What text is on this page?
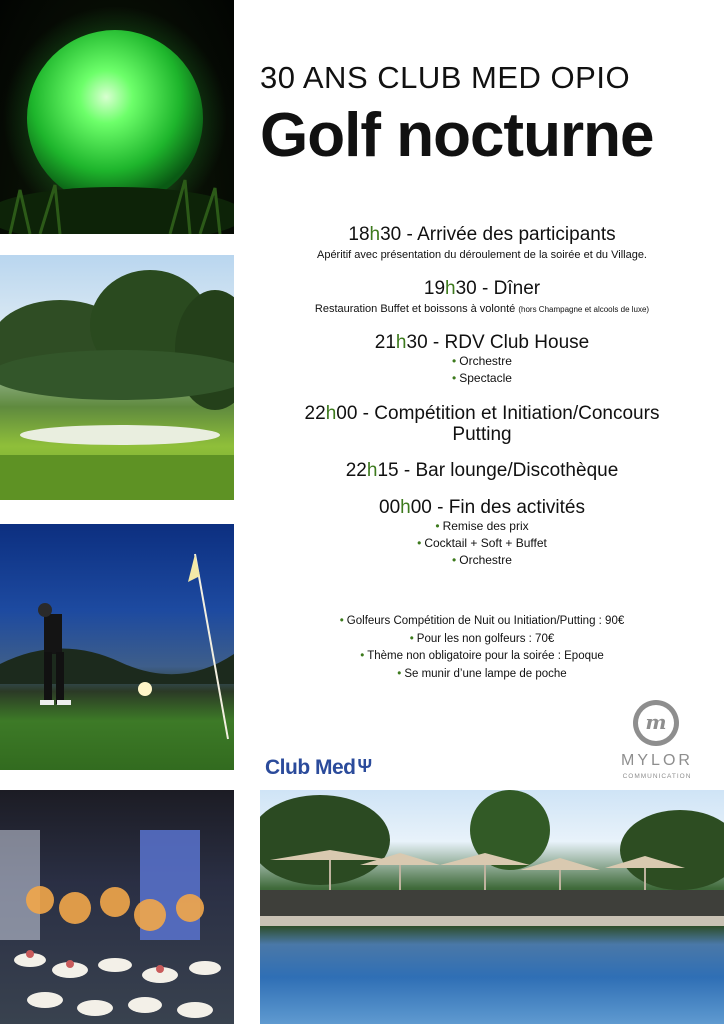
30 ANS CLUB MED OPIO
Golf nocturne
18h30 - Arrivée des participants
Apéritif avec présentation du déroulement de la soirée et du Village.
19h30 - Dîner
Restauration Buffet et boissons à volonté (hors Champagne et alcools de luxe)
21h30 - RDV Club House
• Orchestre
• Spectacle
22h00 - Compétition et Initiation/Concours
Putting
22h15 - Bar lounge/Discothèque
00h00 - Fin des activités
• Remise des prix
• Cocktail + Soft + Buffet
• Orchestre
• Golfeurs Compétition de Nuit ou Initiation/Putting : 90€
• Pour les non golfeurs : 70€
• Thème non obligatoire pour la soirée : Epoque
• Se munir d’une lampe de poche
Club Med Ψ
m
MYLOR
COMMUNICATION
